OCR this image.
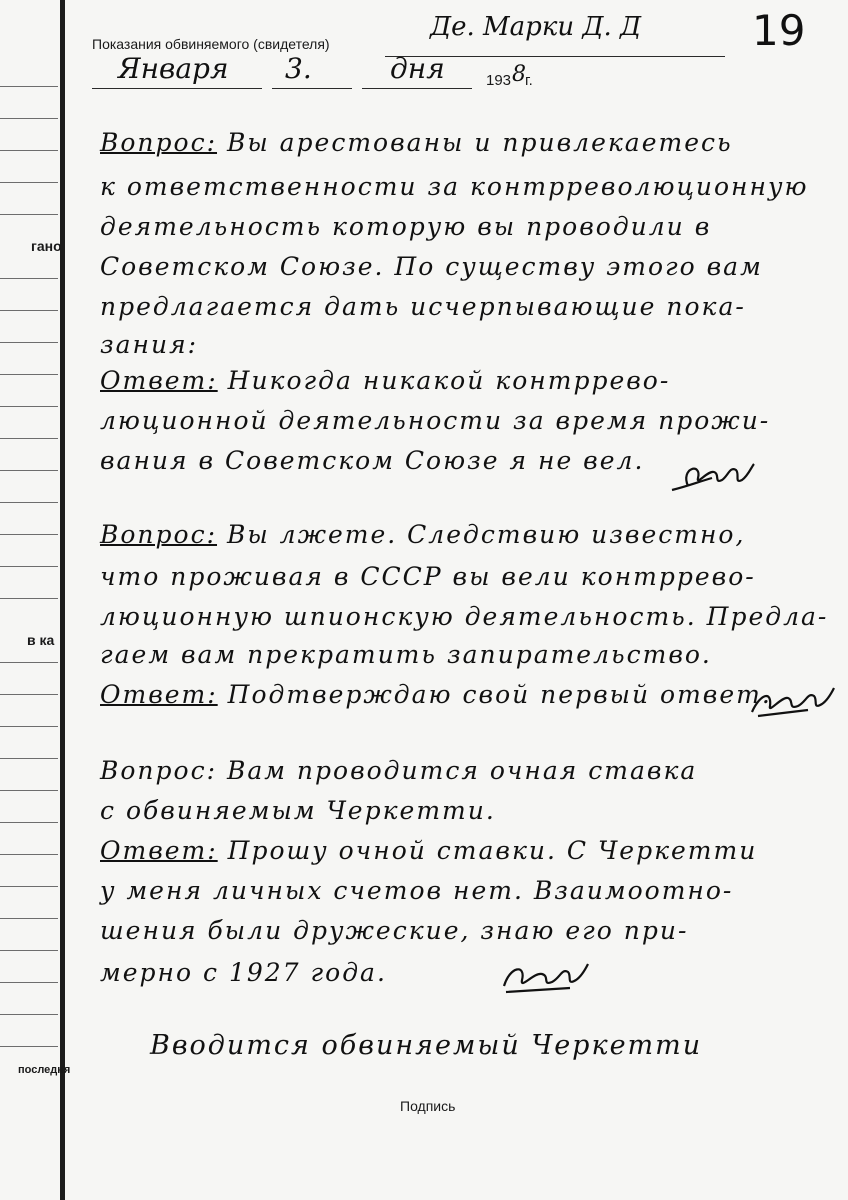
гано
в ка
последня
Показания обвиняемого (свидетеля)
Де. Марки Д. Д	19
Января 3.	дня	193 8 г.
Вопрос: Вы арестованы и привлекаетесь
к ответственности за контрреволюционную
деятельность которую вы проводили в
Советском Союзе. По существу этого вам
предлагается дать исчерпывающие пока-
зания:
Ответ: Никогда никакой контррево-
люционной деятельности за время прожи-
вания в Советском Союзе я не вел.
Вопрос: Вы лжете. Следствию известно,
что проживая в СССР вы вели контррево-
люционную шпионскую деятельность. Предла-
гаем вам прекратить запирательство.
Ответ: Подтверждаю свой первый ответ.
Вопрос: Вам проводится очная ставка
с обвиняемым Черкетти.
Ответ: Прошу очной ставки. С Черкетти
у меня личных счетов нет. Взаимоотно-
шения были дружеские, знаю его при-
мерно с 1927 года.
Вводится обвиняемый Черкетти
Подпись
